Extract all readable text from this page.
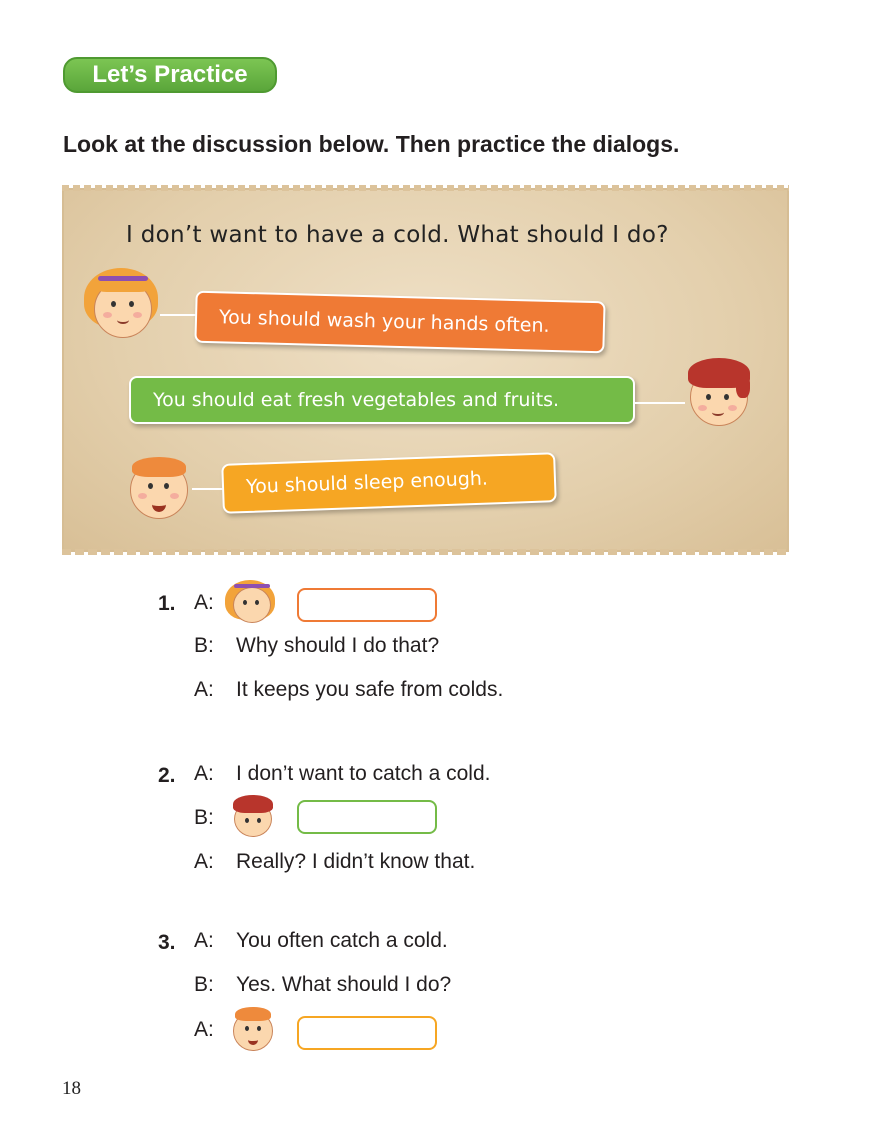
Let’s Practice
Look at the discussion below. Then practice the dialogs.
I don’t want to have a cold. What should I do?
You should wash your hands often.
You should eat fresh vegetables and fruits.
You should sleep enough.
1. A:
B: Why should I do that?
A: It keeps you safe from colds.
2. A: I don’t want to catch a cold.
B:
A: Really? I didn’t know that.
3. A: You often catch a cold.
B: Yes. What should I do?
A:
18
